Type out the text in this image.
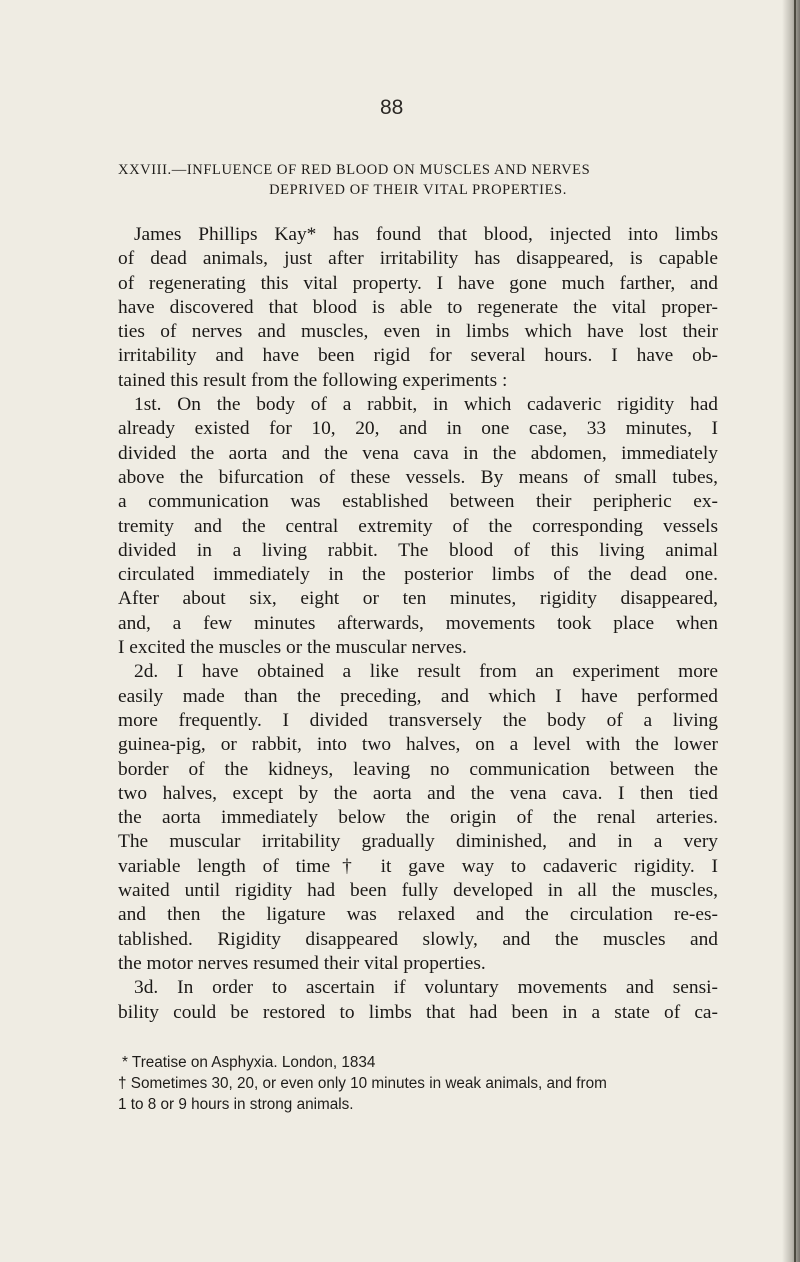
88
XXVIII.—INFLUENCE OF RED BLOOD ON MUSCLES AND NERVES
DEPRIVED OF THEIR VITAL PROPERTIES.
James Phillips Kay* has found that blood, injected into limbs
of dead animals, just after irritability has disappeared, is capable
of regenerating this vital property. I have gone much farther, and
have discovered that blood is able to regenerate the vital proper-
ties of nerves and muscles, even in limbs which have lost their
irritability and have been rigid for several hours. I have ob-
tained this result from the following experiments :
1st. On the body of a rabbit, in which cadaveric rigidity had
already existed for 10, 20, and in one case, 33 minutes, I
divided the aorta and the vena cava in the abdomen, immediately
above the bifurcation of these vessels. By means of small tubes,
a communication was established between their peripheric ex-
tremity and the central extremity of the corresponding vessels
divided in a living rabbit. The blood of this living animal
circulated immediately in the posterior limbs of the dead one.
After about six, eight or ten minutes, rigidity disappeared,
and, a few minutes afterwards, movements took place when
I excited the muscles or the muscular nerves.
2d. I have obtained a like result from an experiment more
easily made than the preceding, and which I have performed
more frequently. I divided transversely the body of a living
guinea-pig, or rabbit, into two halves, on a level with the lower
border of the kidneys, leaving no communication between the
two halves, except by the aorta and the vena cava. I then tied
the aorta immediately below the origin of the renal arteries.
The muscular irritability gradually diminished, and in a very
variable length of time† it gave way to cadaveric rigidity. I
waited until rigidity had been fully developed in all the muscles,
and then the ligature was relaxed and the circulation re-es-
tablished. Rigidity disappeared slowly, and the muscles and
the motor nerves resumed their vital properties.
3d. In order to ascertain if voluntary movements and sensi-
bility could be restored to limbs that had been in a state of ca-
* Treatise on Asphyxia. London, 1834
† Sometimes 30, 20, or even only 10 minutes in weak animals, and from
1 to 8 or 9 hours in strong animals.
